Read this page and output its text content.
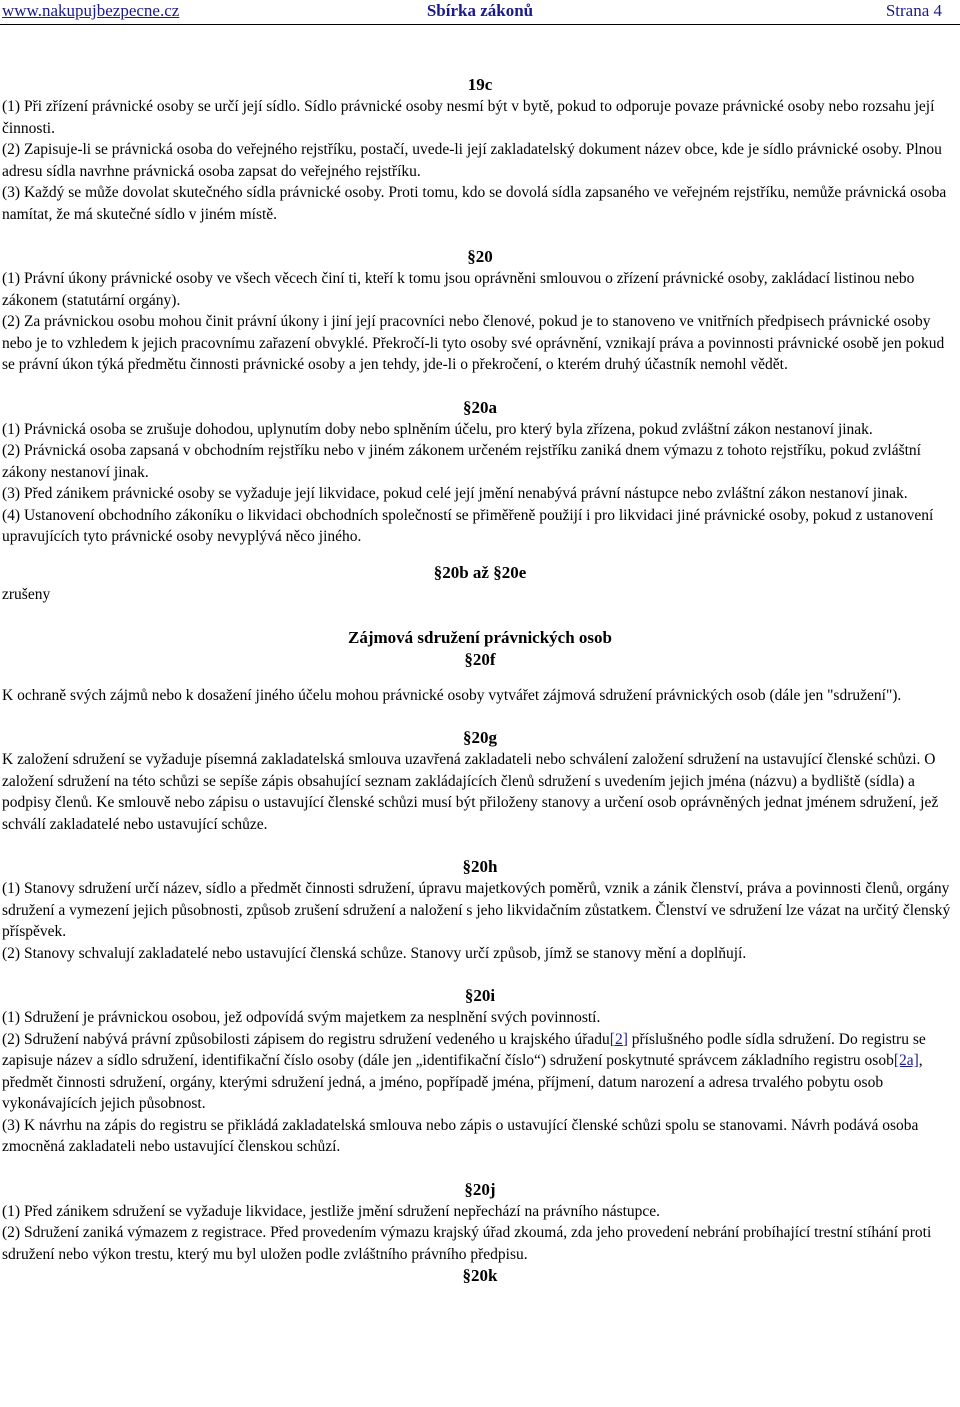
www.nakupujbezpecne.cz	Sbírka zákonů	Strana 4

19c

(1) Při zřízení právnické osoby se určí její sídlo. Sídlo právnické osoby nesmí být v bytě, pokud to odporuje povaze právnické osoby nebo rozsahu její činnosti.

(2) Zapisuje-li se právnická osoba do veřejného rejstříku, postačí, uvede-li její zakladatelský dokument název obce, kde je sídlo právnické osoby. Plnou adresu sídla navrhne právnická osoba zapsat do veřejného rejstříku.

(3) Každý se může dovolat skutečného sídla právnické osoby. Proti tomu, kdo se dovolá sídla zapsaného ve veřejném rejstříku, nemůže právnická osoba namítat, že má skutečné sídlo v jiném místě.

§20

(1) Právní úkony právnické osoby ve všech věcech činí ti, kteří k tomu jsou oprávněni smlouvou o zřízení právnické osoby, zakládací listinou nebo zákonem (statutární orgány).

(2) Za právnickou osobu mohou činit právní úkony i jiní její pracovníci nebo členové, pokud je to stanoveno ve vnitřních předpisech právnické osoby nebo je to vzhledem k jejich pracovnímu zařazení obvyklé. Překročí-li tyto osoby své oprávnění, vznikají práva a povinnosti právnické osobě jen pokud se právní úkon týká předmětu činnosti právnické osoby a jen tehdy, jde-li o překročení, o kterém druhý účastník nemohl vědět.

§20a

(1) Právnická osoba se zrušuje dohodou, uplynutím doby nebo splněním účelu, pro který byla zřízena, pokud zvláštní zákon nestanoví jinak.

(2) Právnická osoba zapsaná v obchodním rejstříku nebo v jiném zákonem určeném rejstříku zaniká dnem výmazu z tohoto rejstříku, pokud zvláštní zákony nestanoví jinak.

(3) Před zánikem právnické osoby se vyžaduje její likvidace, pokud celé její jmění nenabývá právní nástupce nebo zvláštní zákon nestanoví jinak.

(4) Ustanovení obchodního zákoníku o likvidaci obchodních společností se přiměřeně použijí i pro likvidaci jiné právnické osoby, pokud z ustanovení upravujících tyto právnické osoby nevyplývá něco jiného.

§20b až §20e

zrušeny

Zájmová sdružení právnických osob

§20f

K ochraně svých zájmů nebo k dosažení jiného účelu mohou právnické osoby vytvářet zájmová sdružení právnických osob (dále jen "sdružení").

§20g

K založení sdružení se vyžaduje písemná zakladatelská smlouva uzavřená zakladateli nebo schválení založení sdružení na ustavující členské schůzi. O založení sdružení na této schůzi se sepíše zápis obsahující seznam zakládajících členů sdružení s uvedením jejich jména (názvu) a bydliště (sídla) a podpisy členů. Ke smlouvě nebo zápisu o ustavující členské schůzi musí být přiloženy stanovy a určení osob oprávněných jednat jménem sdružení, jež schválí zakladatelé nebo ustavující schůze.

§20h

(1) Stanovy sdružení určí název, sídlo a předmět činnosti sdružení, úpravu majetkových poměrů, vznik a zánik členství, práva a povinnosti členů, orgány sdružení a vymezení jejich působnosti, způsob zrušení sdružení a naložení s jeho likvidačním zůstatkem. Členství ve sdružení lze vázat na určitý členský příspěvek.

(2) Stanovy schvalují zakladatelé nebo ustavující členská schůze. Stanovy určí způsob, jímž se stanovy mění a doplňují.

§20i

(1) Sdružení je právnickou osobou, jež odpovídá svým majetkem za nesplnění svých povinností.

(2) Sdružení nabývá právní způsobilosti zápisem do registru sdružení vedeného u krajského úřadu[2] příslušného podle sídla sdružení. Do registru se zapisuje název a sídlo sdružení, identifikační číslo osoby (dále jen „identifikační číslo“) sdružení poskytnuté správcem základního registru osob[2a], předmět činnosti sdružení, orgány, kterými sdružení jedná, a jméno, popřípadě jména, příjmení, datum narození a adresa trvalého pobytu osob vykonávajících jejich působnost.

(3) K návrhu na zápis do registru se přikládá zakladatelská smlouva nebo zápis o ustavující členské schůzi spolu se stanovami. Návrh podává osoba zmocněná zakladateli nebo ustavující členskou schůzí.

§20j

(1) Před zánikem sdružení se vyžaduje likvidace, jestliže jmění sdružení nepřechází na právního nástupce.

(2) Sdružení zaniká výmazem z registrace. Před provedením výmazu krajský úřad zkoumá, zda jeho provedení nebrání probíhající trestní stíhání proti sdružení nebo výkon trestu, který mu byl uložen podle zvláštního právního předpisu.

§20k
